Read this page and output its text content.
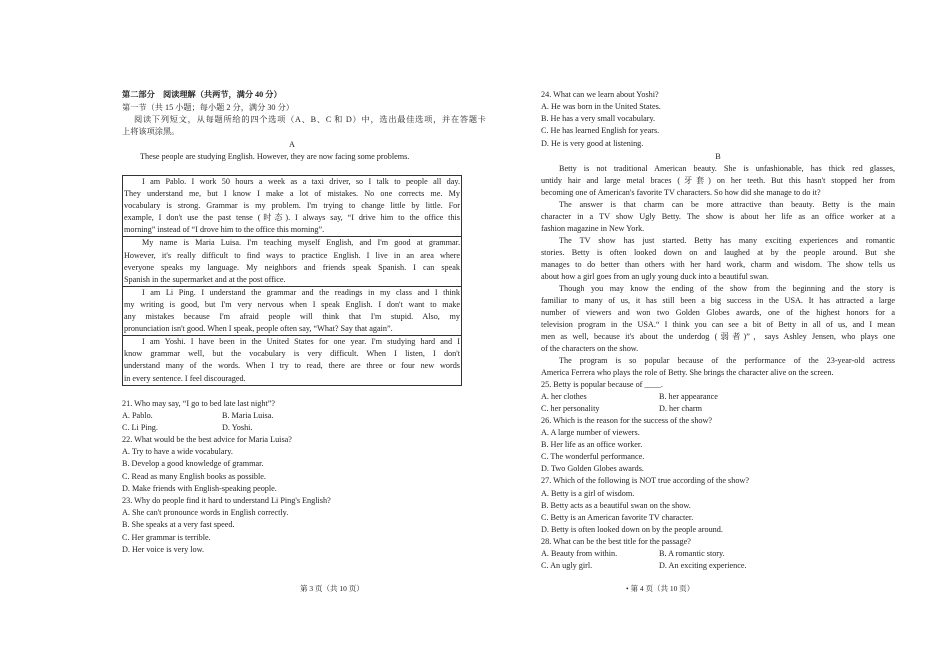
第二部分　阅读理解（共两节，满分 40 分）
第一节（共 15 小题；每小题 2 分，满分 30 分）
阅读下列短文，从每题所给的四个选项（A、B、C 和 D）中，选出最佳选项，并在答题卡
上将该项涂黑。
A
These people are studying English. However, they are now facing some problems.
I am Pablo. I work 50 hours a week as a taxi driver, so I talk to people all day.
They understand me, but I know I make a lot of mistakes. No one corrects me. My
vocabulary is strong. Grammar is my problem. I'm trying to change little by little. For
example, I don't use the past tense (时态). I always say, “I drive him to the office this
morning” instead of “I drove him to the office this morning”.
My name is Maria Luisa. I'm teaching myself English, and I'm good at grammar.
However, it's really difficult to find ways to practice English. I live in an area where
everyone speaks my language. My neighbors and friends speak Spanish. I can speak
Spanish in the supermarket and at the post office.
I am Li Ping. I understand the grammar and the readings in my class and I think
my writing is good, but I'm very nervous when I speak English. I don't want to make
any mistakes because I'm afraid people will think that I'm stupid. Also, my
pronunciation isn't good. When I speak, people often say, “What? Say that again”.
I am Yoshi. I have been in the United States for one year. I'm studying hard and I
know grammar well, but the vocabulary is very difficult. When I listen, I don't
understand many of the words. When I try to read, there are three or four new words
in every sentence. I feel discouraged.
21. Who may say, “I go to bed late last night”?
A. Pablo.	B. Maria Luisa.
C. Li Ping.	D. Yoshi.
22. What would be the best advice for Maria Luisa?
A. Try to have a wide vocabulary.
B. Develop a good knowledge of grammar.
C. Read as many English books as possible.
D. Make friends with English-speaking people.
23. Why do people find it hard to understand Li Ping's English?
A. She can't pronounce words in English correctly.
B. She speaks at a very fast speed.
C. Her grammar is terrible.
D. Her voice is very low.
第 3 页（共 10 页）
24. What can we learn about Yoshi?
A. He was born in the United States.
B. He has a very small vocabulary.
C. He has learned English for years.
D. He is very good at listening.
B
Betty is not traditional American beauty. She is unfashionable, has thick red glasses,
untidy hair and large metal braces (牙套) on her teeth. But this hasn't stopped her from
becoming one of American's favorite TV characters. So how did she manage to do it?
The answer is that charm can be more attractive than beauty. Betty is the main
character in a TV show Ugly Betty. The show is about her life as an office worker at a
fashion magazine in New York.
The TV show has just started. Betty has many exciting experiences and romantic
stories. Betty is often looked down on and laughed at by the people around. But she
manages to do better than others with her hard work, charm and wisdom. The show tells us
about how a girl goes from an ugly young duck into a beautiful swan.
Though you may know the ending of the show from the beginning and the story is
familiar to many of us, it has still been a big success in the USA. It has attracted a large
number of viewers and won two Golden Globes awards, one of the highest honors for a
television program in the USA.“ I think you can see a bit of Betty in all of us, and I mean
men as well, because it's about the underdog (弱者)”，says Ashley Jensen, who plays one
of the characters on the show.
The program is so popular because of the performance of the 23-year-old actress
America Ferrera who plays the role of Betty. She brings the character alive on the screen.
25. Betty is popular because of ____.
A. her clothes	B. her appearance
C. her personality	D. her charm
26. Which is the reason for the success of the show?
A. A large number of viewers.
B. Her life as an office worker.
C. The wonderful performance.
D. Two Golden Globes awards.
27. Which of the following is NOT true according of the show?
A. Betty is a girl of wisdom.
B. Betty acts as a beautiful swan on the show.
C. Betty is an American favorite TV character.
D. Betty is often looked down on by the people around.
28. What can be the best title for the passage?
A. Beauty from within.	B. A romantic story.
C. An ugly girl.	D. An exciting experience.
• 第 4 页（共 10 页）
